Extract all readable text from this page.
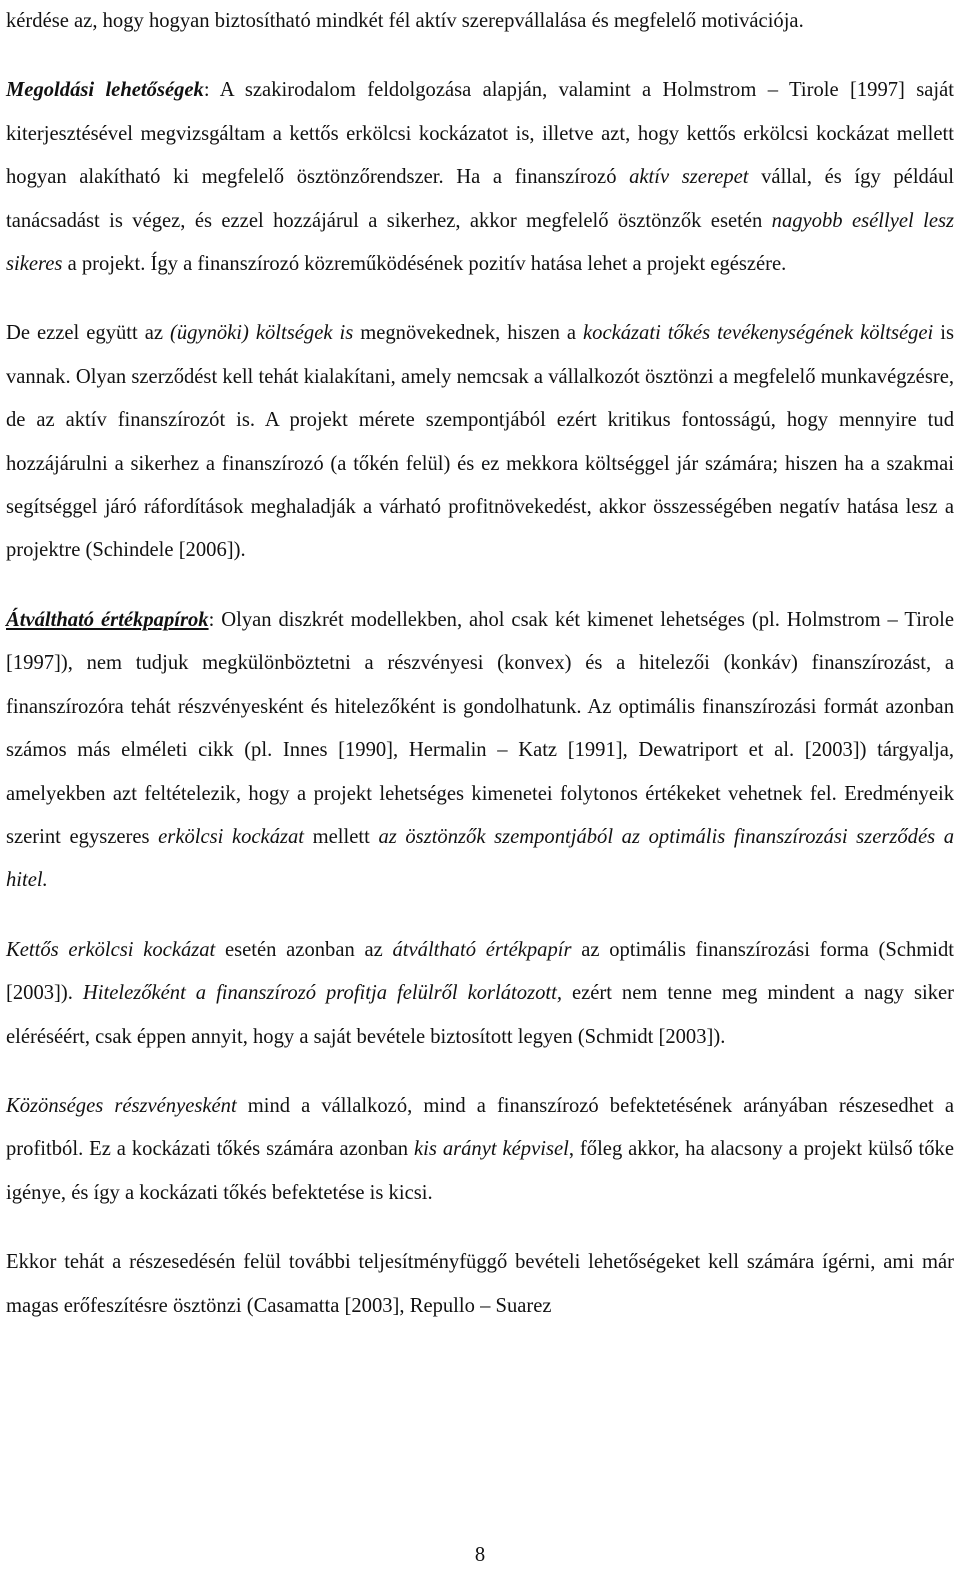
kérdése az, hogy hogyan biztosítható mindkét fél aktív szerepvállalása és megfelelő motivációja.

Megoldási lehetőségek: A szakirodalom feldolgozása alapján, valamint a Holmstrom – Tirole [1997] saját kiterjesztésével megvizsgáltam a kettős erkölcsi kockázatot is, illetve azt, hogy kettős erkölcsi kockázat mellett hogyan alakítható ki megfelelő ösztönzőrendszer. Ha a finanszírozó aktív szerepet vállal, és így például tanácsadást is végez, és ezzel hozzájárul a sikerhez, akkor megfelelő ösztönzők esetén nagyobb eséllyel lesz sikeres a projekt. Így a finanszírozó közreműködésének pozitív hatása lehet a projekt egészére.

De ezzel együtt az (ügynöki) költségek is megnövekednek, hiszen a kockázati tőkés tevékenységének költségei is vannak. Olyan szerződést kell tehát kialakítani, amely nemcsak a vállalkozót ösztönzi a megfelelő munkavégzésre, de az aktív finanszírozót is. A projekt mérete szempontjából ezért kritikus fontosságú, hogy mennyire tud hozzájárulni a sikerhez a finanszírozó (a tőkén felül) és ez mekkora költséggel jár számára; hiszen ha a szakmai segítséggel járó ráfordítások meghaladják a várható profitnövekedést, akkor összességében negatív hatása lesz a projektre (Schindele [2006]).

Átváltható értékpapírok: Olyan diszkrét modellekben, ahol csak két kimenet lehetséges (pl. Holmstrom – Tirole [1997]), nem tudjuk megkülönböztetni a részvényesi (konvex) és a hitelezői (konkáv) finanszírozást, a finanszírozóra tehát részvényesként és hitelezőként is gondolhatunk. Az optimális finanszírozási formát azonban számos más elméleti cikk (pl. Innes [1990], Hermalin – Katz [1991], Dewatriport et al. [2003]) tárgyalja, amelyekben azt feltételezik, hogy a projekt lehetséges kimenetei folytonos értékeket vehetnek fel. Eredményeik szerint egyszeres erkölcsi kockázat mellett az ösztönzők szempontjából az optimális finanszírozási szerződés a hitel.

Kettős erkölcsi kockázat esetén azonban az átváltható értékpapír az optimális finanszírozási forma (Schmidt [2003]). Hitelezőként a finanszírozó profitja felülről korlátozott, ezért nem tenne meg mindent a nagy siker eléréséért, csak éppen annyit, hogy a saját bevétele biztosított legyen (Schmidt [2003]).

Közönséges részvényesként mind a vállalkozó, mind a finanszírozó befektetésének arányában részesedhet a profitból. Ez a kockázati tőkés számára azonban kis arányt képvisel, főleg akkor, ha alacsony a projekt külső tőke igénye, és így a kockázati tőkés befektetése is kicsi.

Ekkor tehát a részesedésén felül további teljesítményfüggő bevételi lehetőségeket kell számára ígérni, ami már magas erőfeszítésre ösztönzi (Casamatta [2003], Repullo – Suarez

8
